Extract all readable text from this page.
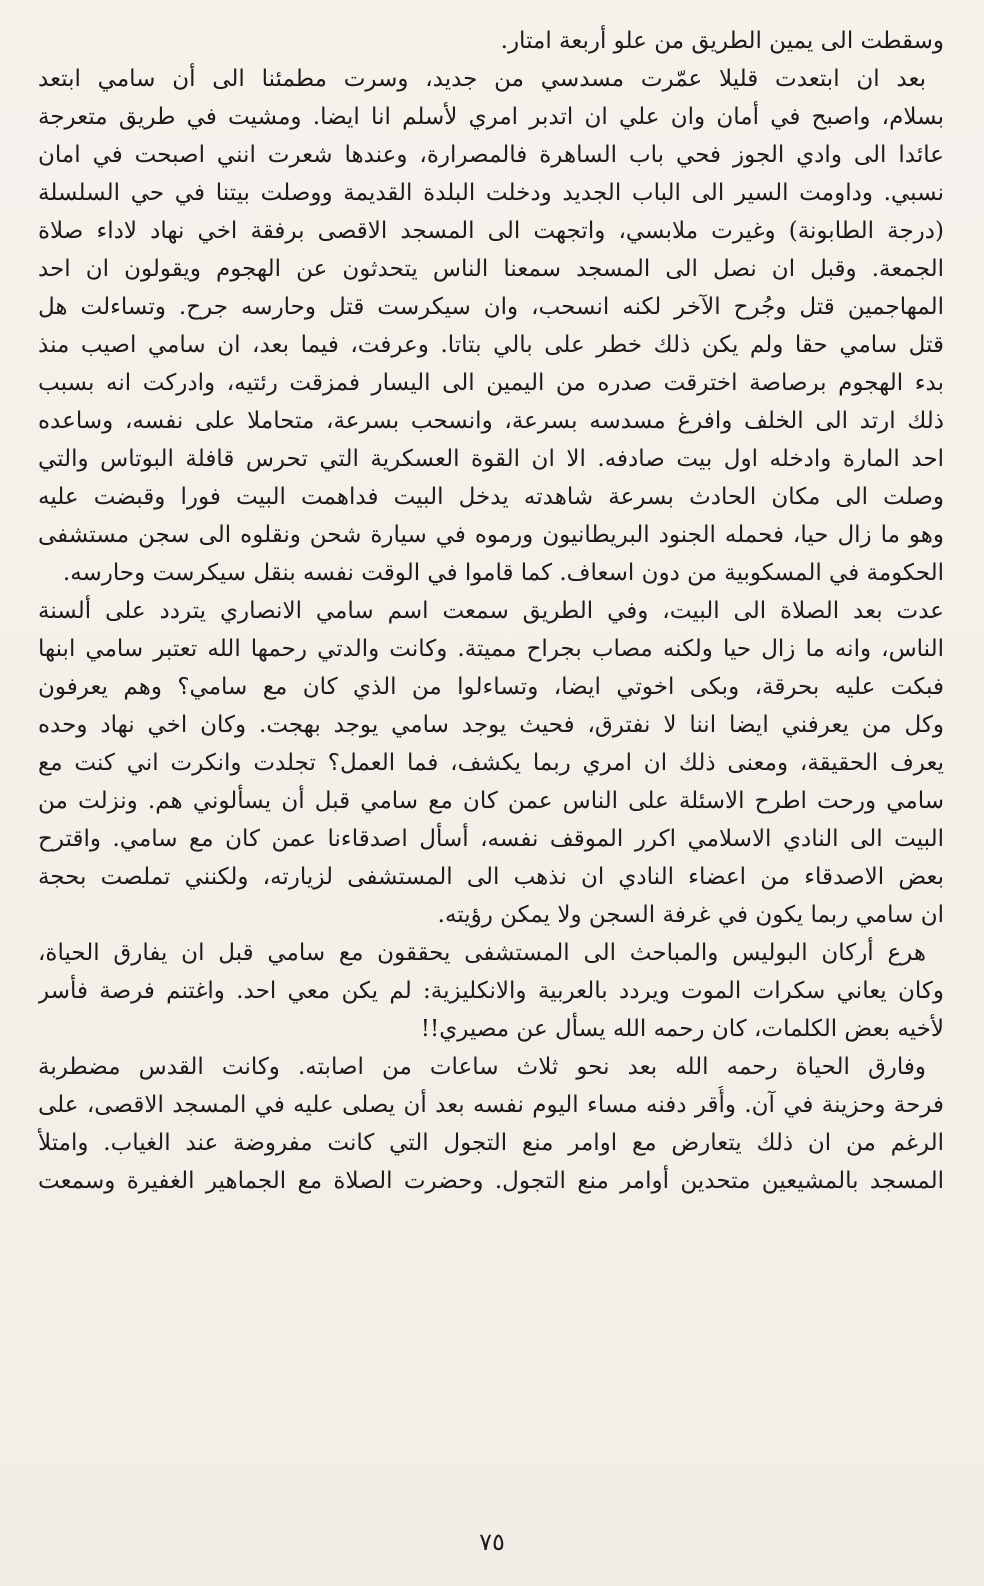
وسقطت الى يمين الطريق من علو أربعة امتار.
بعد ان ابتعدت قليلا عمّرت مسدسي من جديد، وسرت مطمئنا الى أن سامي ابتعد
بسلام، واصبح في أمان وان علي ان اتدبر امري لأسلم انا ايضا. ومشيت في طريق متعرجة
عائدا الى وادي الجوز فحي باب الساهرة فالمصرارة، وعندها شعرت انني اصبحت في امان
نسبي. وداومت السير الى الباب الجديد ودخلت البلدة القديمة ووصلت بيتنا في حي السلسلة
(درجة الطابونة) وغيرت ملابسي، واتجهت الى المسجد الاقصى برفقة اخي نهاد لاداء صلاة
الجمعة. وقبل ان نصل الى المسجد سمعنا الناس يتحدثون عن الهجوم ويقولون ان احد
المهاجمين قتل وجُرح الآخر لكنه انسحب، وان سيكرست قتل وحارسه جرح. وتساءلت هل
قتل سامي حقا ولم يكن ذلك خطر على بالي بتاتا. وعرفت، فيما بعد، ان سامي اصيب منذ
بدء الهجوم برصاصة اخترقت صدره من اليمين الى اليسار فمزقت رئتيه، وادركت انه بسبب
ذلك ارتد الى الخلف وافرغ مسدسه بسرعة، وانسحب بسرعة، متحاملا على نفسه، وساعده
احد المارة وادخله اول بيت صادفه. الا ان القوة العسكرية التي تحرس قافلة البوتاس والتي
وصلت الى مكان الحادث بسرعة شاهدته يدخل البيت فداهمت البيت فورا وقبضت عليه
وهو ما زال حيا، فحمله الجنود البريطانيون ورموه في سيارة شحن ونقلوه الى سجن مستشفى
الحكومة في المسكوبية من دون اسعاف. كما قاموا في الوقت نفسه بنقل سيكرست وحارسه.
عدت بعد الصلاة الى البيت، وفي الطريق سمعت اسم سامي الانصاري يتردد على ألسنة
الناس، وانه ما زال حيا ولكنه مصاب بجراح مميتة. وكانت والدتي رحمها الله تعتبر سامي ابنها
فبكت عليه بحرقة، وبكى اخوتي ايضا، وتساءلوا من الذي كان مع سامي؟ وهم يعرفون
وكل من يعرفني ايضا اننا لا نفترق، فحيث يوجد سامي يوجد بهجت. وكان اخي نهاد وحده
يعرف الحقيقة، ومعنى ذلك ان امري ربما يكشف، فما العمل؟ تجلدت وانكرت اني كنت مع
سامي ورحت اطرح الاسئلة على الناس عمن كان مع سامي قبل أن يسألوني هم. ونزلت من
البيت الى النادي الاسلامي اكرر الموقف نفسه، أسأل اصدقاءنا عمن كان مع سامي. واقترح
بعض الاصدقاء من اعضاء النادي ان نذهب الى المستشفى لزيارته، ولكنني تملصت بحجة
ان سامي ربما يكون في غرفة السجن ولا يمكن رؤيته.
هرع أركان البوليس والمباحث الى المستشفى يحققون مع سامي قبل ان يفارق الحياة،
وكان يعاني سكرات الموت ويردد بالعربية والانكليزية: لم يكن معي احد. واغتنم فرصة فأسر
لأخيه بعض الكلمات، كان رحمه الله يسأل عن مصيري!!
وفارق الحياة رحمه الله بعد نحو ثلاث ساعات من اصابته. وكانت القدس مضطربة
فرحة وحزينة في آن. وأُقر دفنه مساء اليوم نفسه بعد أن يصلى عليه في المسجد الاقصى، على
الرغم من ان ذلك يتعارض مع اوامر منع التجول التي كانت مفروضة عند الغياب. وامتلأ
المسجد بالمشيعين متحدين أوامر منع التجول. وحضرت الصلاة مع الجماهير الغفيرة وسمعت
٧٥
